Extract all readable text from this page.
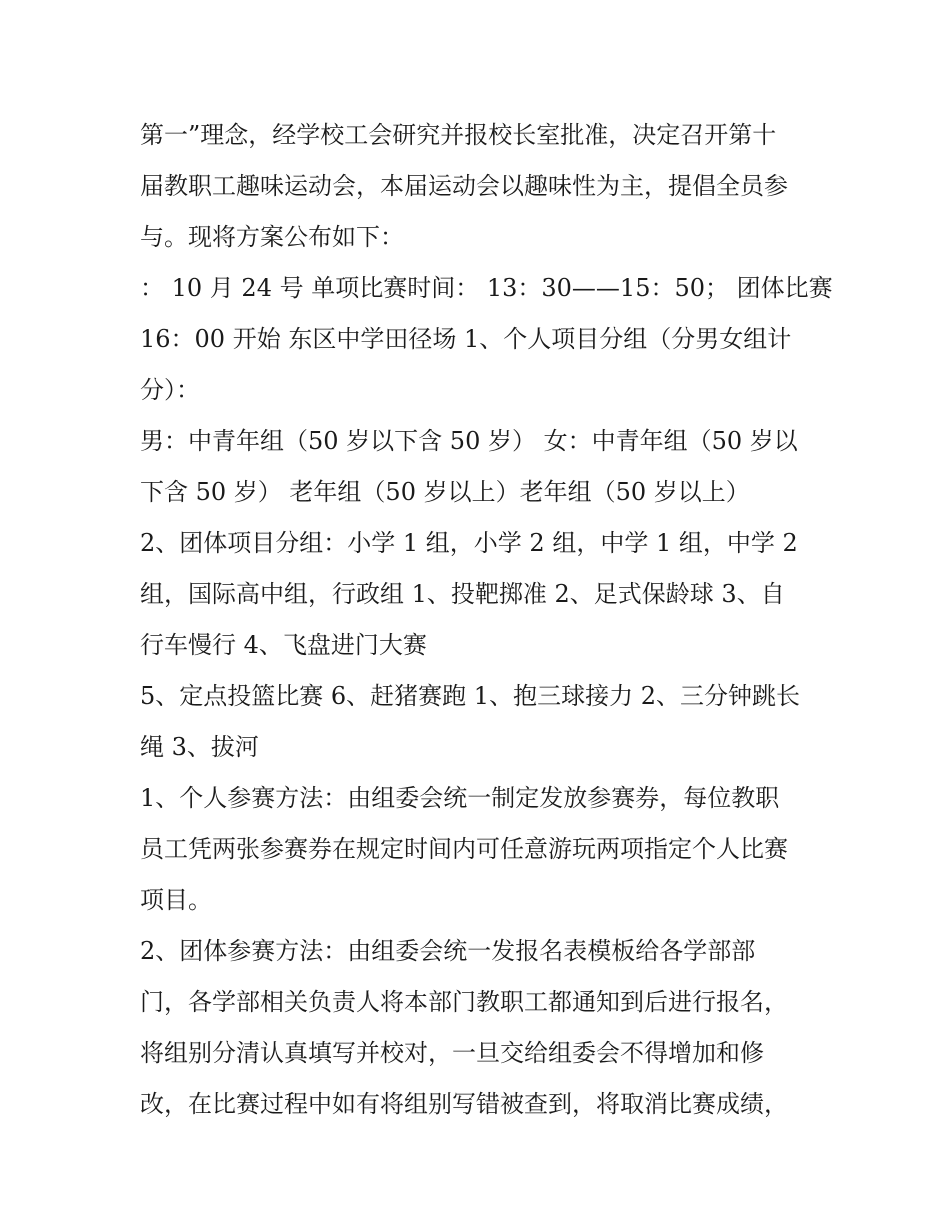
第一”理念，经学校工会研究并报校长室批准，决定召开第十
届教职工趣味运动会，本届运动会以趣味性为主，提倡全员参
与。现将方案公布如下：
： 10 月 24 号 单项比赛时间： 13：30——15：50； 团体比赛
16：00 开始 东区中学田径场 1、个人项目分组（分男女组计
分）：
男：中青年组（50 岁以下含 50 岁） 女：中青年组（50 岁以
下含 50 岁） 老年组（50 岁以上）老年组（50 岁以上）
2、团体项目分组：小学 1 组，小学 2 组，中学 1 组，中学 2
组，国际高中组，行政组 1、投靶掷准 2、足式保龄球 3、自
行车慢行 4、飞盘进门大赛
5、定点投篮比赛 6、赶猪赛跑 1、抱三球接力 2、三分钟跳长
绳 3、拔河
1、个人参赛方法：由组委会统一制定发放参赛券，每位教职
员工凭两张参赛券在规定时间内可任意游玩两项指定个人比赛
项目。
2、团体参赛方法：由组委会统一发报名表模板给各学部部
门，各学部相关负责人将本部门教职工都通知到后进行报名，
将组别分清认真填写并校对，一旦交给组委会不得增加和修
改，在比赛过程中如有将组别写错被查到，将取消比赛成绩，
